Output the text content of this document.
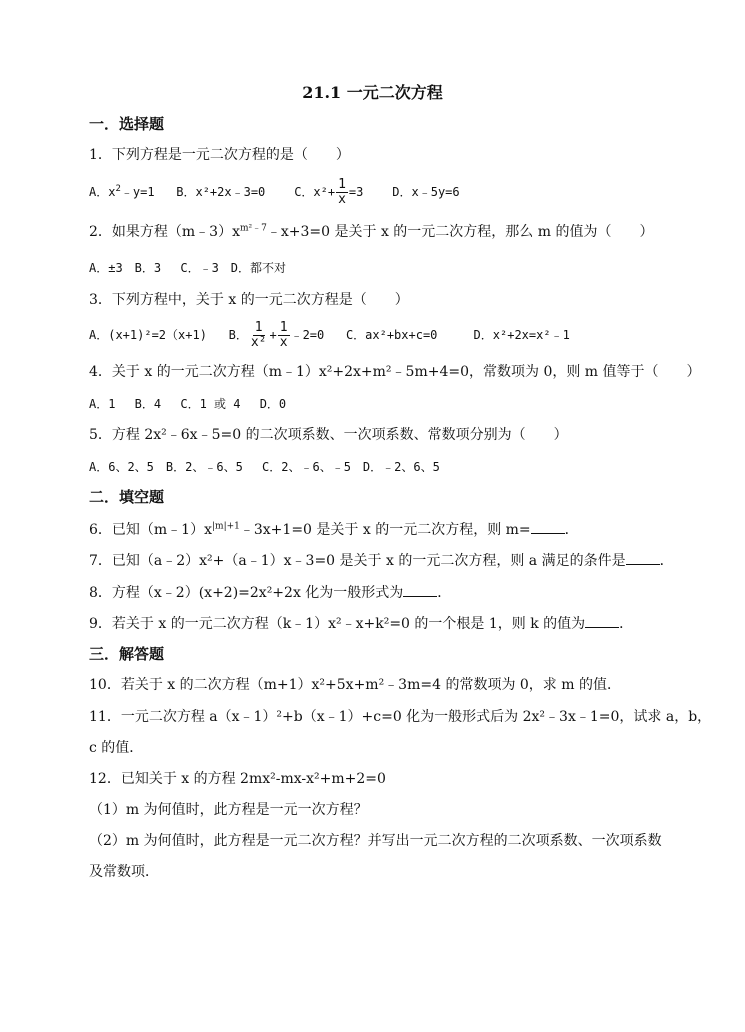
21.1 一元二次方程
一．选择题
1．下列方程是一元二次方程的是（　　）
A．$x^2﹣y=1$ B．x²+2x﹣3=0 C．$x^2+ \frac{1}{x} =3$ D．x﹣5y=6
2．如果方程$(m﹣3)x^{m^2﹣7}﹣x+3=0$ 是关于 x 的一元二次方程，那么 m 的值为（　　）
A．±3　B．3　 C．﹣3　D．都不对
3．下列方程中，关于 x 的一元二次方程是（　　）
A．(x+1)²=2（x+1) B． $\frac{1}{\text{x²}} + \frac{1}{x}$ ﹣2=0 C．ax²+bx+c=0	D．x²+2x=x²﹣1
4．关于 x 的一元二次方程（m﹣1）x²+2x+m²﹣5m+4=0，常数项为 0，则 m 值等于（　　）
A．1　 B．4　 C．1 或 4　 D．0
5．方程 2x²﹣6x﹣5=0 的二次项系数、一次项系数、常数项分别为（　　）
A．6、2、5　B．2、﹣6、5　 C．2、﹣6、﹣5　D．﹣2、6、5
二．填空题
6．已知$(m﹣1)x^{|m|+1}﹣3x+1=0$ 是关于 x 的一元二次方程，则 m= ．
7．已知（a﹣2）x²+（a﹣1）x﹣3=0 是关于 x 的一元二次方程，则 a 满足的条件是 ．
8．方程（x﹣2）(x+2)=2x²+2x 化为一般形式为 ．
9．若关于 x 的一元二次方程（k﹣1）x²﹣x+k²=0 的一个根是 1，则 k 的值为 ．
三．解答题
10．若关于 x 的二次方程（m+1）x²+5x+m²﹣3m=4 的常数项为 0，求 m 的值．
11．一元二次方程 a（x﹣1）²+b（x﹣1）+c=0 化为一般形式后为 2x²﹣3x﹣1=0，试求 a，b，
c 的值．
12．已知关于 x 的方程 2mx²-mx-x²+m+2=0
（1）m 为何值时，此方程是一元一次方程？
（2）m 为何值时，此方程是一元二次方程？并写出一元二次方程的二次项系数、一次项系数
及常数项．
